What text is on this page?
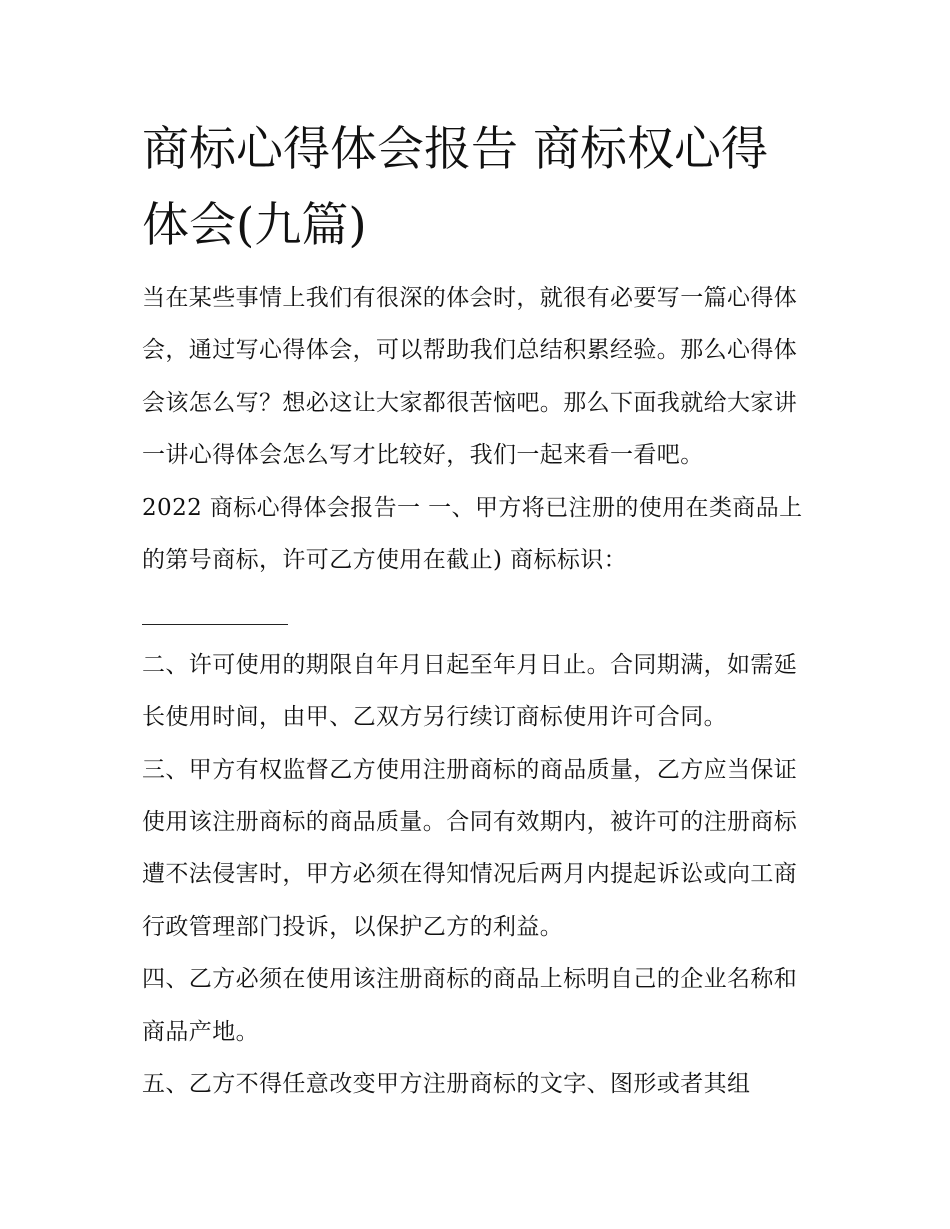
商标心得体会报告 商标权心得体会(九篇)

当在某些事情上我们有很深的体会时，就很有必要写一篇心得体会，通过写心得体会，可以帮助我们总结积累经验。那么心得体会该怎么写？想必这让大家都很苦恼吧。那么下面我就给大家讲一讲心得体会怎么写才比较好，我们一起来看一看吧。

2022 商标心得体会报告一 一、甲方将已注册的使用在类商品上的第号商标，许可乙方使用在截止) 商标标识：

二、许可使用的期限自年月日起至年月日止。合同期满，如需延长使用时间，由甲、乙双方另行续订商标使用许可合同。

三、甲方有权监督乙方使用注册商标的商品质量，乙方应当保证使用该注册商标的商品质量。合同有效期内，被许可的注册商标遭不法侵害时，甲方必须在得知情况后两月内提起诉讼或向工商行政管理部门投诉，以保护乙方的利益。

四、乙方必须在使用该注册商标的商品上标明自己的企业名称和商品产地。

五、乙方不得任意改变甲方注册商标的文字、图形或者其组
